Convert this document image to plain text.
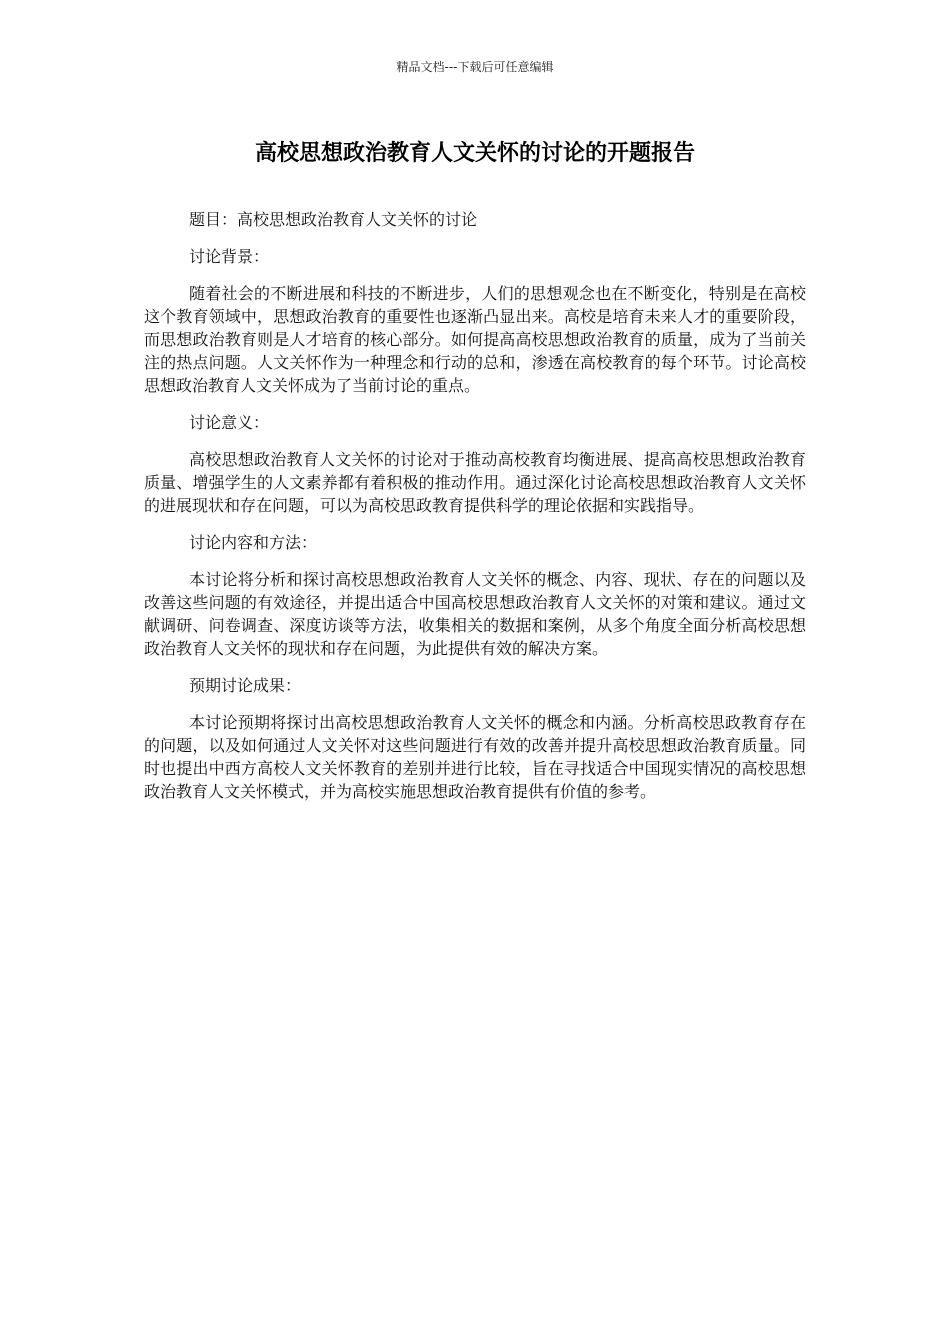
精品文档---下载后可任意编辑
高校思想政治教育人文关怀的讨论的开题报告

题目：高校思想政治教育人文关怀的讨论

讨论背景：

随着社会的不断进展和科技的不断进步，人们的思想观念也在不断变化，特别是在高校这个教育领域中，思想政治教育的重要性也逐渐凸显出来。高校是培育未来人才的重要阶段，而思想政治教育则是人才培育的核心部分。如何提高高校思想政治教育的质量，成为了当前关注的热点问题。人文关怀作为一种理念和行动的总和，渗透在高校教育的每个环节。讨论高校思想政治教育人文关怀成为了当前讨论的重点。

讨论意义：

高校思想政治教育人文关怀的讨论对于推动高校教育均衡进展、提高高校思想政治教育质量、增强学生的人文素养都有着积极的推动作用。通过深化讨论高校思想政治教育人文关怀的进展现状和存在问题，可以为高校思政教育提供科学的理论依据和实践指导。

讨论内容和方法：

本讨论将分析和探讨高校思想政治教育人文关怀的概念、内容、现状、存在的问题以及改善这些问题的有效途径，并提出适合中国高校思想政治教育人文关怀的对策和建议。通过文献调研、问卷调查、深度访谈等方法，收集相关的数据和案例，从多个角度全面分析高校思想政治教育人文关怀的现状和存在问题，为此提供有效的解决方案。

预期讨论成果：

本讨论预期将探讨出高校思想政治教育人文关怀的概念和内涵。分析高校思政教育存在的问题，以及如何通过人文关怀对这些问题进行有效的改善并提升高校思想政治教育质量。同时也提出中西方高校人文关怀教育的差别并进行比较，旨在寻找适合中国现实情况的高校思想政治教育人文关怀模式，并为高校实施思想政治教育提供有价值的参考。
